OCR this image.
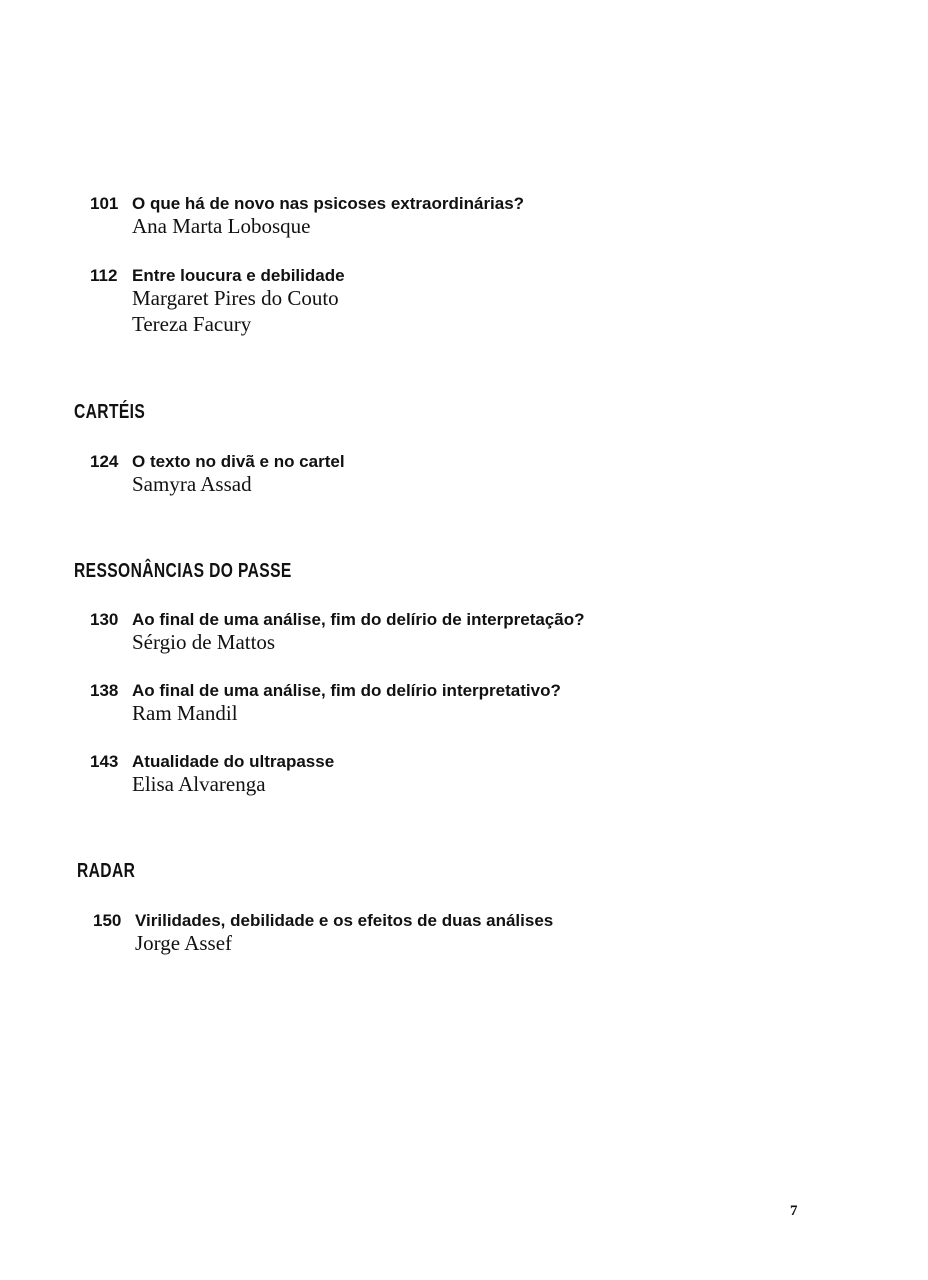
101 O que há de novo nas psicoses extraordinárias?
Ana Marta Lobosque
112 Entre loucura e debilidade
Margaret Pires do Couto
Tereza Facury
CARTÉIS
124 O texto no divã e no cartel
Samyra Assad
RESSONÂNCIAS DO PASSE
130 Ao final de uma análise, fim do delírio de interpretação?
Sérgio de Mattos
138 Ao final de uma análise, fim do delírio interpretativo?
Ram Mandil
143 Atualidade do ultrapasse
Elisa Alvarenga
RADAR
150 Virilidades, debilidade e os efeitos de duas análises
Jorge Assef
7
